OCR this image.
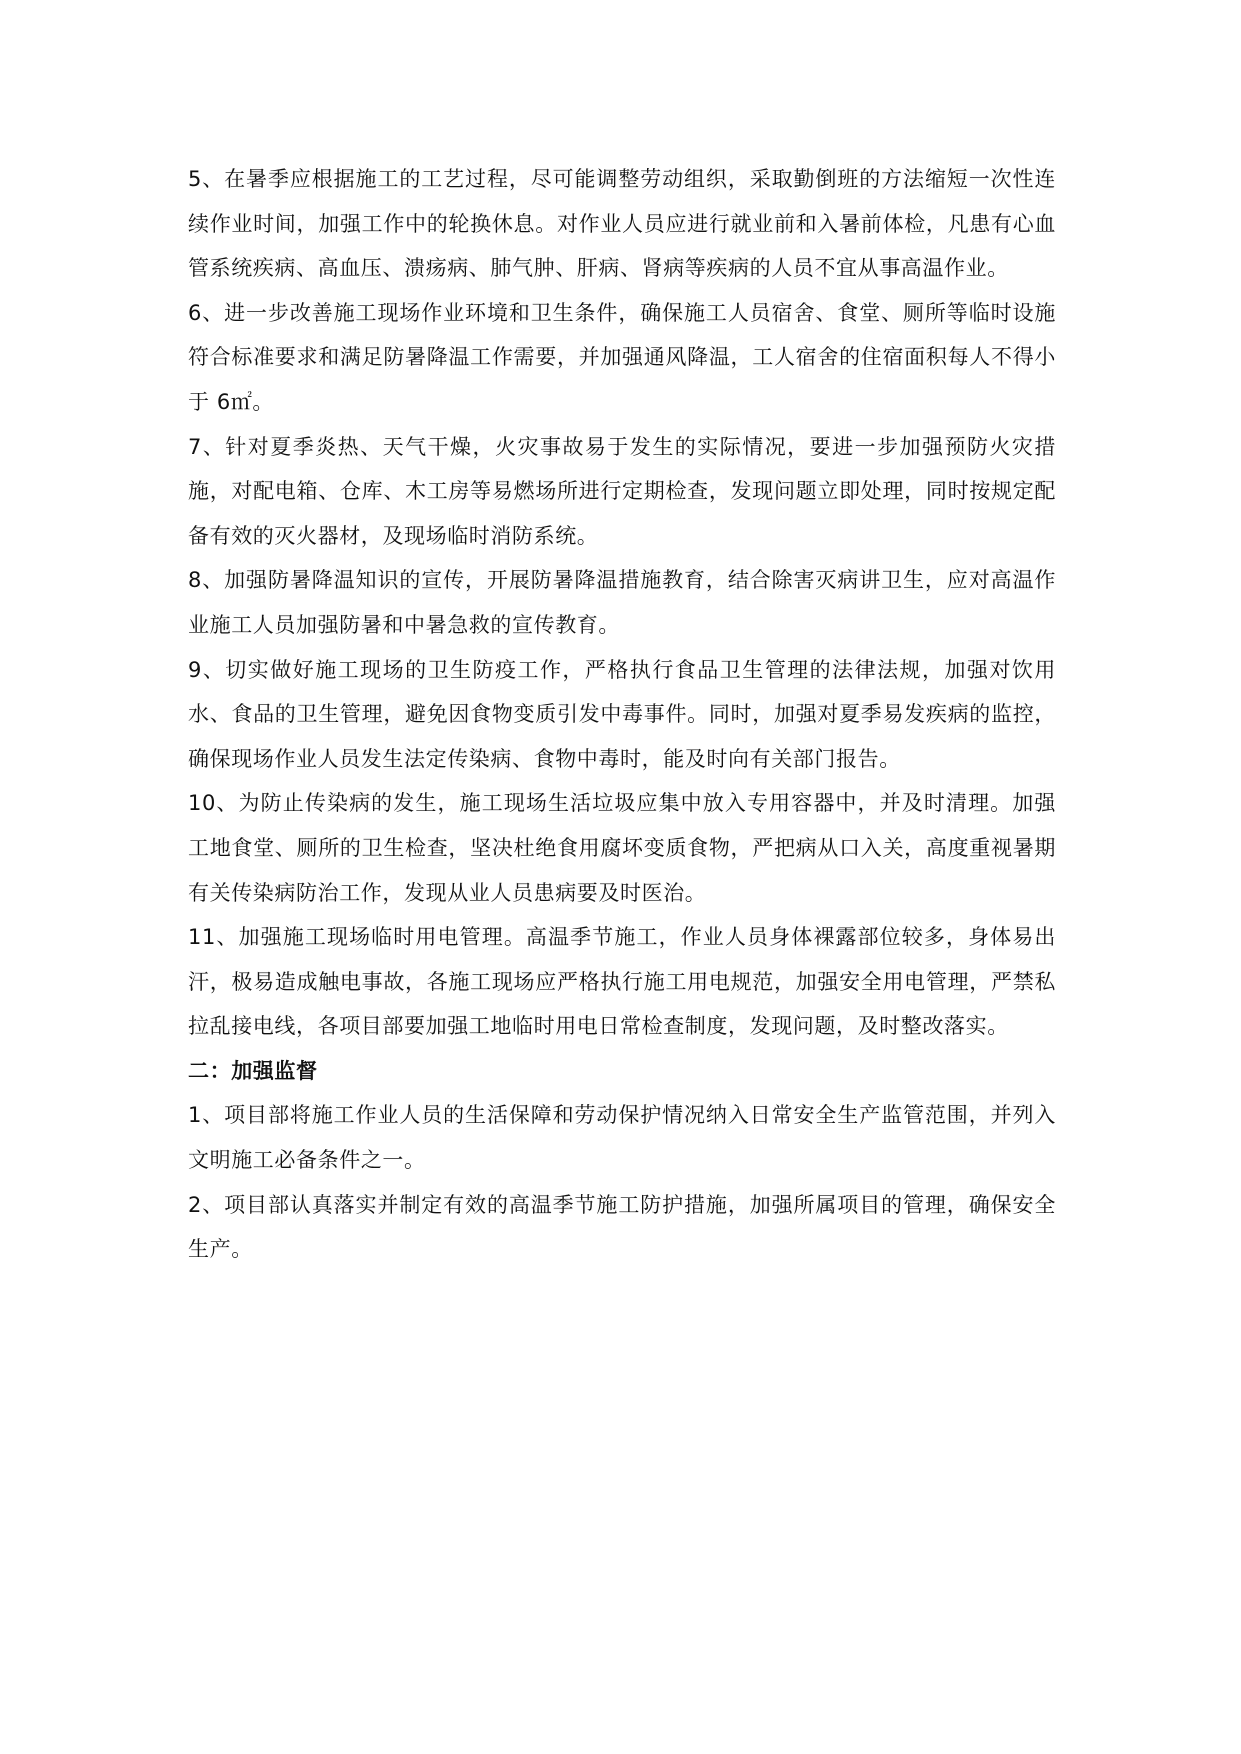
5、在暑季应根据施工的工艺过程，尽可能调整劳动组织，采取勤倒班的方法缩短一次性连续作业时间，加强工作中的轮换休息。对作业人员应进行就业前和入暑前体检，凡患有心血管系统疾病、高血压、溃疡病、肺气肿、肝病、肾病等疾病的人员不宜从事高温作业。

6、进一步改善施工现场作业环境和卫生条件，确保施工人员宿舍、食堂、厕所等临时设施符合标准要求和满足防暑降温工作需要，并加强通风降温，工人宿舍的住宿面积每人不得小于 6㎡。

7、针对夏季炎热、天气干燥，火灾事故易于发生的实际情况，要进一步加强预防火灾措施，对配电箱、仓库、木工房等易燃场所进行定期检查，发现问题立即处理，同时按规定配备有效的灭火器材，及现场临时消防系统。

8、加强防暑降温知识的宣传，开展防暑降温措施教育，结合除害灭病讲卫生，应对高温作业施工人员加强防暑和中暑急救的宣传教育。

9、切实做好施工现场的卫生防疫工作，严格执行食品卫生管理的法律法规，加强对饮用水、食品的卫生管理，避免因食物变质引发中毒事件。同时，加强对夏季易发疾病的监控，确保现场作业人员发生法定传染病、食物中毒时，能及时向有关部门报告。

10、为防止传染病的发生，施工现场生活垃圾应集中放入专用容器中，并及时清理。加强工地食堂、厕所的卫生检查，坚决杜绝食用腐坏变质食物，严把病从口入关，高度重视暑期有关传染病防治工作，发现从业人员患病要及时医治。

11、加强施工现场临时用电管理。高温季节施工，作业人员身体裸露部位较多，身体易出汗，极易造成触电事故，各施工现场应严格执行施工用电规范，加强安全用电管理，严禁私拉乱接电线，各项目部要加强工地临时用电日常检查制度，发现问题，及时整改落实。

二：加强监督

1、项目部将施工作业人员的生活保障和劳动保护情况纳入日常安全生产监管范围，并列入文明施工必备条件之一。

2、项目部认真落实并制定有效的高温季节施工防护措施，加强所属项目的管理，确保安全生产。
